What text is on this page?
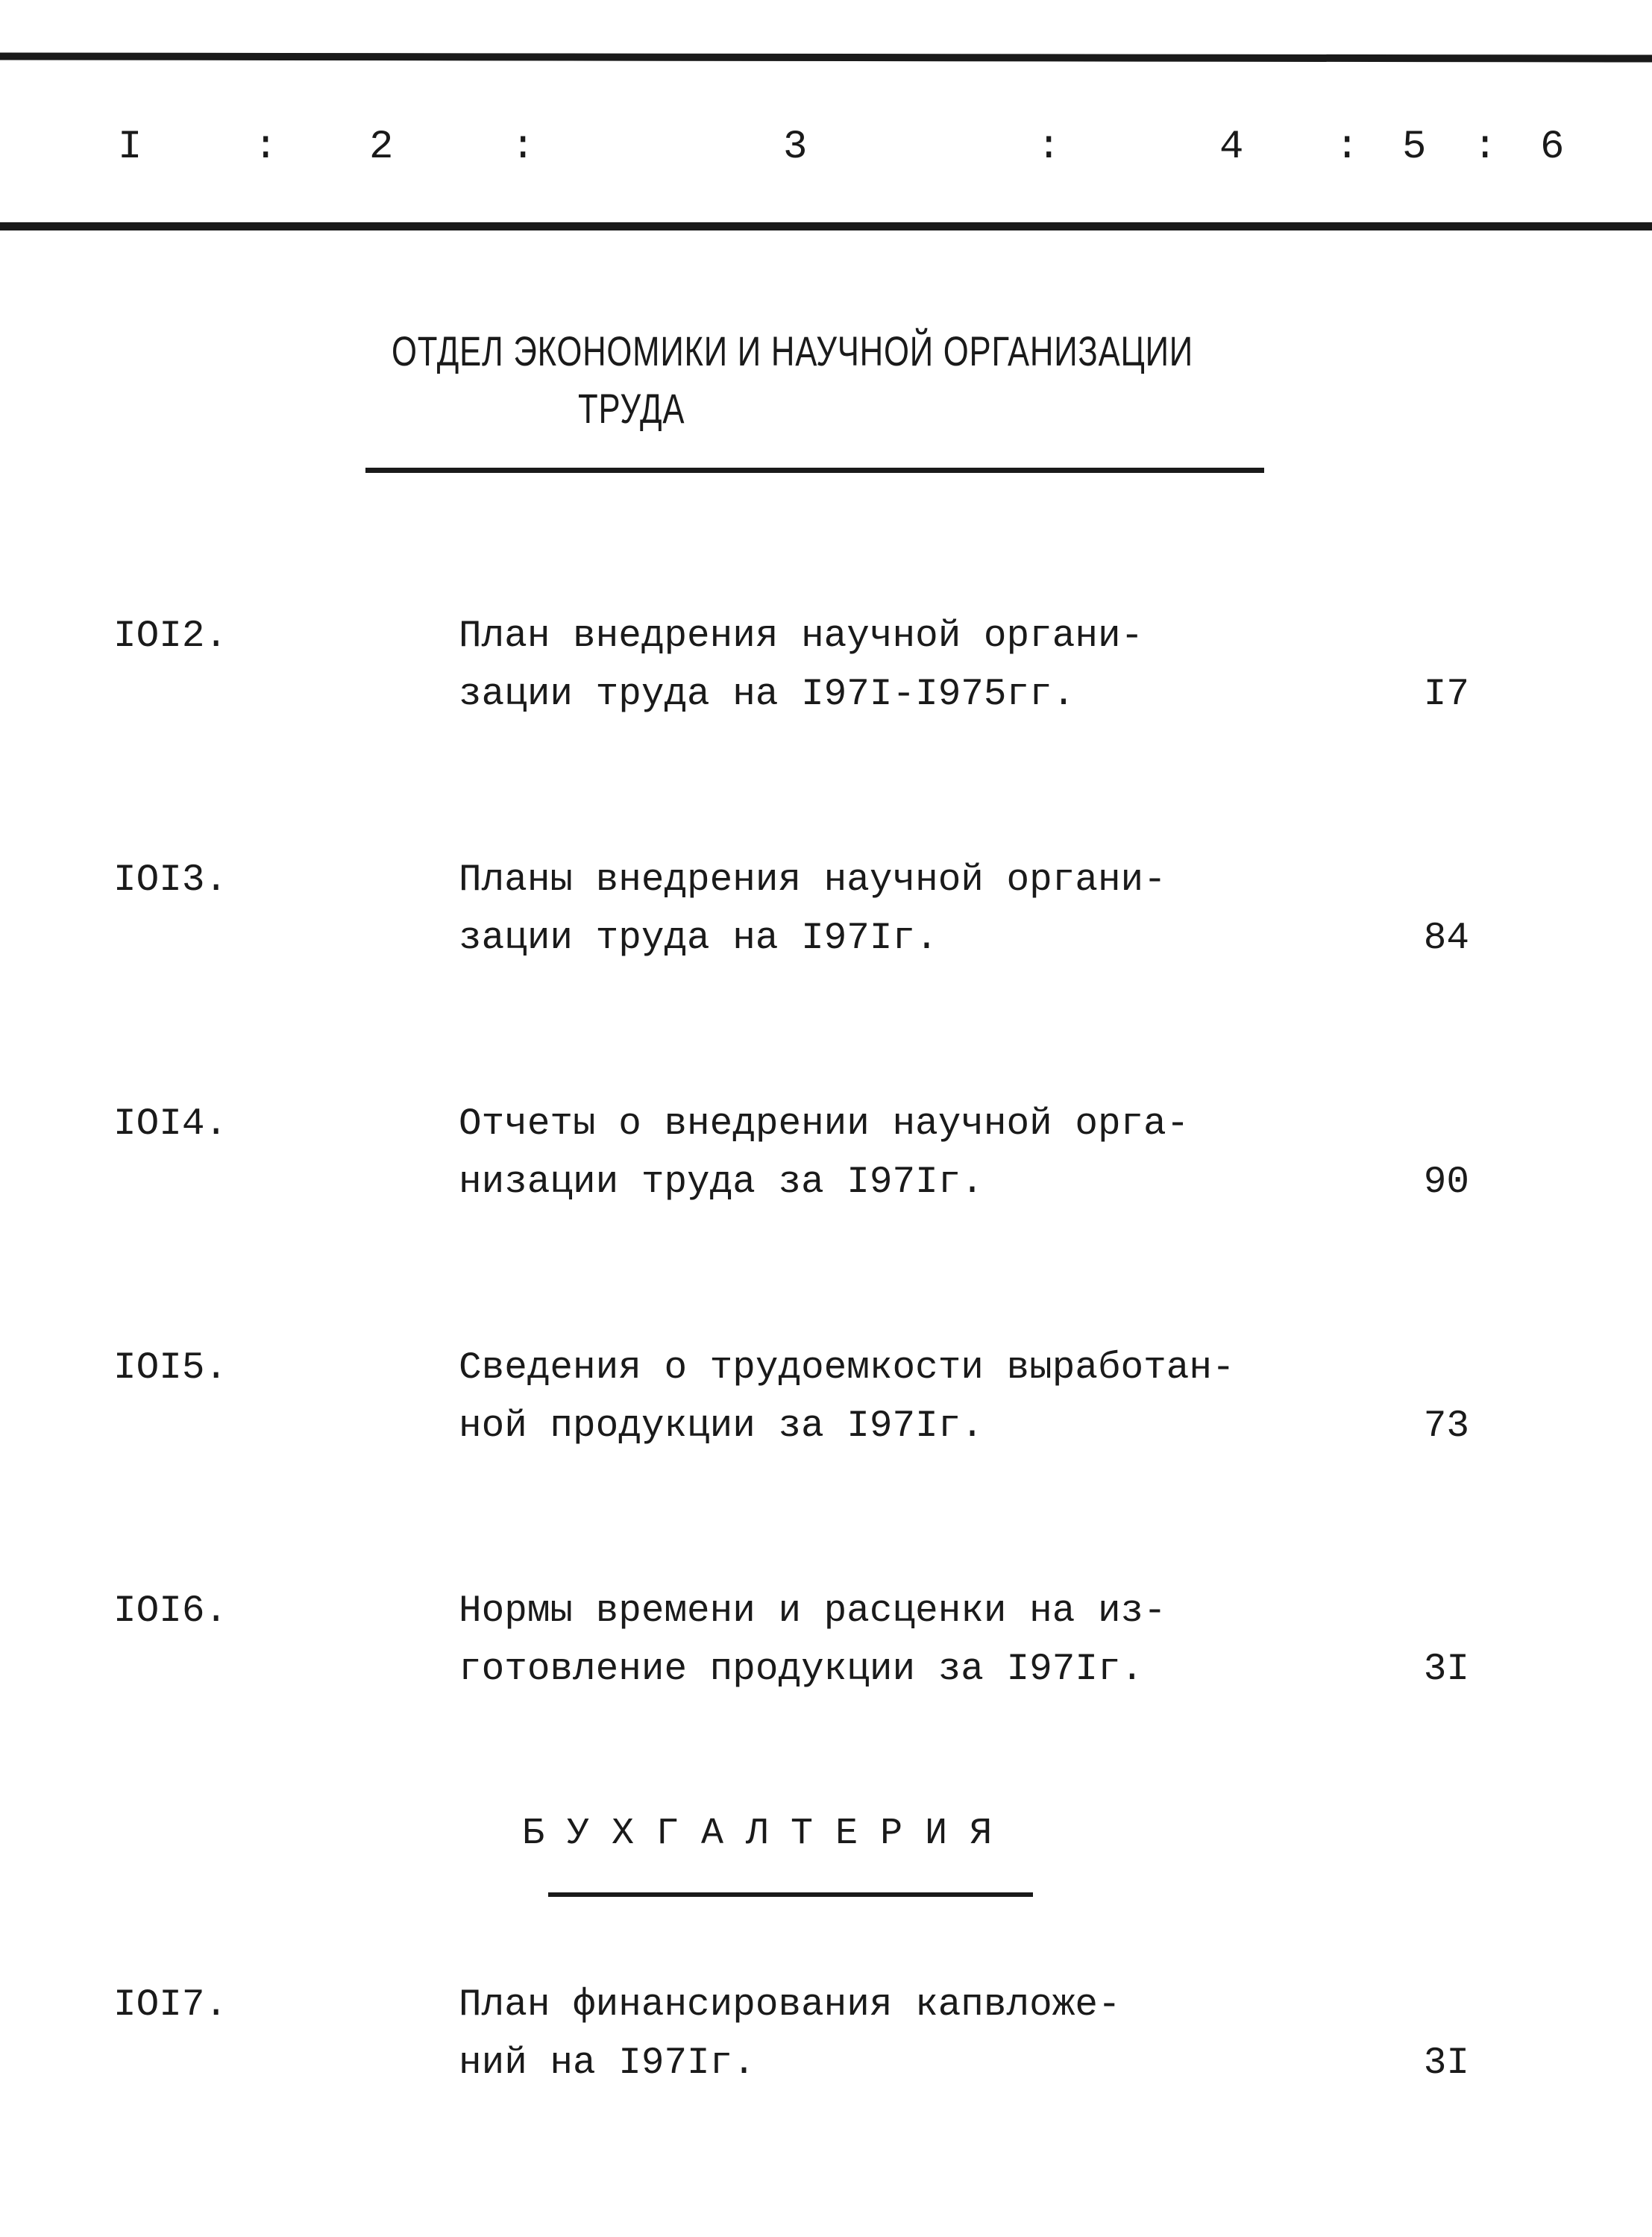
I	: 2	:	3	:	4 : 5 : 6
ОТДЕЛ ЭКОНОМИКИ И НАУЧНОЙ ОРГАНИЗАЦИИ
ТРУДА
IOI2.	План внедрения научной органи-
зации труда на I97I-I975гг.	I7
IOI3.	Планы внедрения научной органи-
зации труда на I97Iг.	84
IOI4.	Отчеты о внедрении научной орга-
низации труда за I97Iг.	90
IOI5.	Сведения о трудоемкости выработан-
ной продукции за I97Iг.	73
IOI6.	Нормы времени и расценки на из-
готовление продукции за I97Iг.	3I
Б У Х Г А Л Т Е Р И Я
IOI7.	План финансирования капвложе-
ний на I97Iг.	3I
